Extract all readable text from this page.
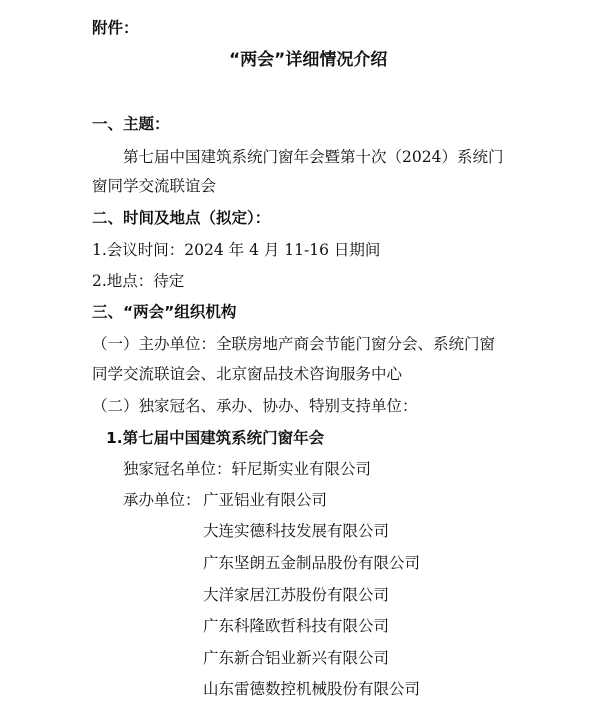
附件：
“两会”详细情况介绍
一、主题：
第七届中国建筑系统门窗年会暨第十次（2024）系统门
窗同学交流联谊会
二、时间及地点（拟定）：
1.会议时间：2024 年 4 月 11-16 日期间
2.地点：待定
三、“两会”组织机构
（一）主办单位：全联房地产商会节能门窗分会、系统门窗
同学交流联谊会、北京窗品技术咨询服务中心
（二）独家冠名、承办、协办、特别支持单位：
1.第七届中国建筑系统门窗年会
独家冠名单位：轩尼斯实业有限公司
承办单位： 广亚铝业有限公司
大连实德科技发展有限公司
广东坚朗五金制品股份有限公司
大洋家居江苏股份有限公司
广东科隆欧哲科技有限公司
广东新合铝业新兴有限公司
山东雷德数控机械股份有限公司
